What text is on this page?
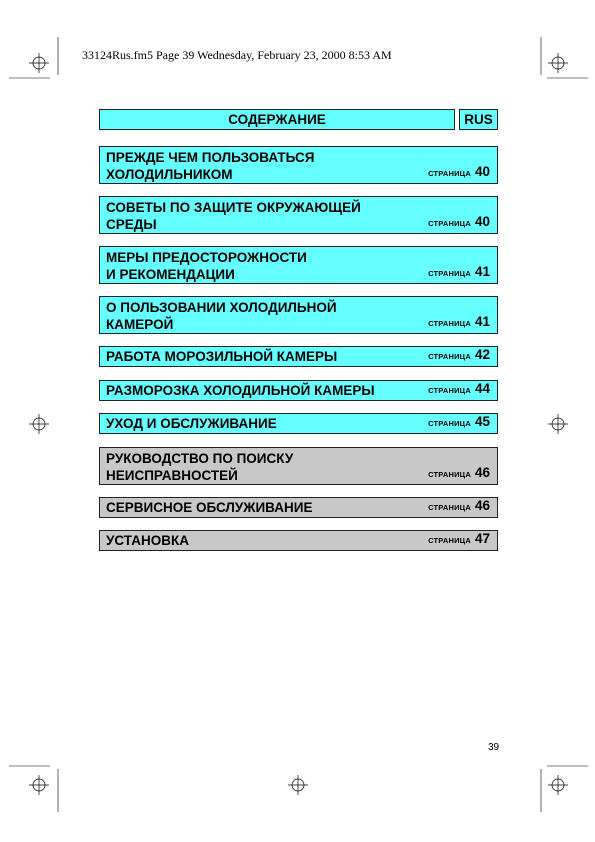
33124Rus.fm5 Page 39 Wednesday, February 23, 2000 8:53 AM
СОДЕРЖАНИЕ	RUS
ПРЕЖДЕ ЧЕМ ПОЛЬЗОВАТЬСЯ
ХОЛОДИЛЬНИКОМ	СТРАНИЦА 40
СОВЕТЫ ПО ЗАЩИТЕ ОКРУЖАЮЩЕЙ
СРЕДЫ	СТРАНИЦА 40
МЕРЫ ПРЕДОСТОРОЖНОСТИ
И РЕКОМЕНДАЦИИ	СТРАНИЦА 41
О ПОЛЬЗОВАНИИ ХОЛОДИЛЬНОЙ
КАМЕРОЙ	СТРАНИЦА 41
РАБОТА МОРОЗИЛЬНОЙ КАМЕРЫ	СТРАНИЦА 42
РАЗМОРОЗКА ХОЛОДИЛЬНОЙ КАМЕРЫ	СТРАНИЦА 44
УХОД И ОБСЛУЖИВАНИЕ	СТРАНИЦА 45
РУКОВОДСТВО ПО ПОИСКУ
НЕИСПРАВНОСТЕЙ	СТРАНИЦА 46
СЕРВИСНОЕ ОБСЛУЖИВАНИЕ	СТРАНИЦА 46
УСТАНОВКА	СТРАНИЦА 47
39
